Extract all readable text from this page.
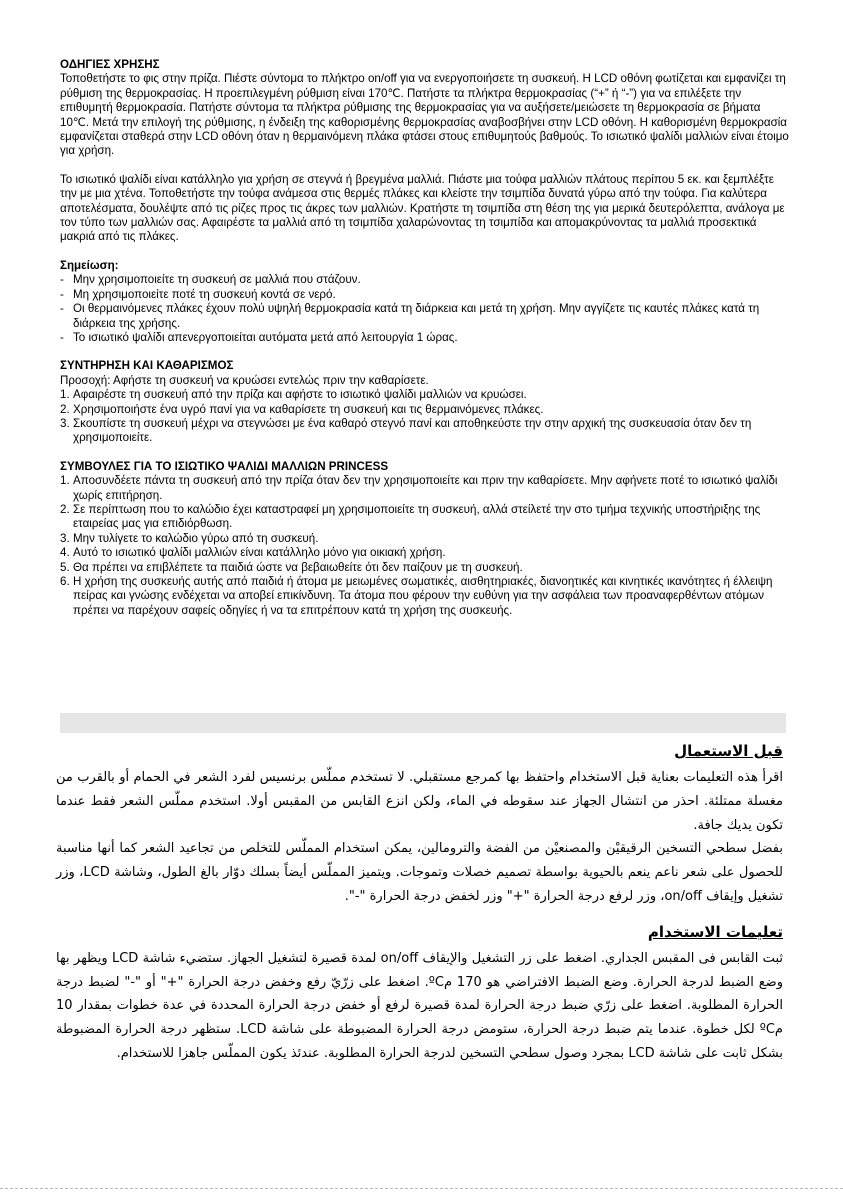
ΟΔΗΓΙΕΣ ΧΡΗΣΗΣ

Τοποθετήστε το φις στην πρίζα. Πιέστε σύντομα το πλήκτρο on/off για να ενεργοποιήσετε τη συσκευή. Η LCD οθόνη φωτίζεται και εμφανίζει τη ρύθμιση της θερμοκρασίας. Η προεπιλεγμένη ρύθμιση είναι 170℃. Πατήστε τα πλήκτρα θερμοκρασίας (“+” ή “-”) για να επιλέξετε την επιθυμητή θερμοκρασία. Πατήστε σύντομα τα πλήκτρα ρύθμισης της θερμοκρασίας για να αυξήσετε/μειώσετε τη θερμοκρασία σε βήματα 10℃. Μετά την επιλογή της ρύθμισης, η ένδειξη της καθορισμένης θερμοκρασίας αναβοσβήνει στην LCD οθόνη. Η καθορισμένη θερμοκρασία εμφανίζεται σταθερά στην LCD οθόνη όταν η θερμαινόμενη πλάκα φτάσει στους επιθυμητούς βαθμούς. Το ισιωτικό ψαλίδι μαλλιών είναι έτοιμο για χρήση.

Το ισιωτικό ψαλίδι είναι κατάλληλο για χρήση σε στεγνά ή βρεγμένα μαλλιά. Πιάστε μια τούφα μαλλιών πλάτους περίπου 5 εκ. και ξεμπλέξτε την με μια χτένα. Τοποθετήστε την τούφα ανάμεσα στις θερμές πλάκες και κλείστε την τσιμπίδα δυνατά γύρω από την τούφα. Για καλύτερα αποτελέσματα, δουλέψτε από τις ρίζες προς τις άκρες των μαλλιών. Κρατήστε τη τσιμπίδα στη θέση της για μερικά δευτερόλεπτα, ανάλογα με τον τύπο των μαλλιών σας. Αφαιρέστε τα μαλλιά από τη τσιμπίδα χαλαρώνοντας τη τσιμπίδα και απομακρύνοντας τα μαλλιά προσεκτικά μακριά από τις πλάκες.

Σημείωση:
- Μην χρησιμοποιείτε τη συσκευή σε μαλλιά που στάζουν.
- Μη χρησιμοποιείτε ποτέ τη συσκευή κοντά σε νερό.
- Οι θερμαινόμενες πλάκες έχουν πολύ υψηλή θερμοκρασία κατά τη διάρκεια και μετά τη χρήση. Μην αγγίζετε τις καυτές πλάκες κατά τη διάρκεια της χρήσης.
- Το ισιωτικό ψαλίδι απενεργοποιείται αυτόματα μετά από λειτουργία 1 ώρας.
ΣΥΝΤΗΡΗΣΗ ΚΑΙ ΚΑΘΑΡΙΣΜΟΣ

Προσοχή: Αφήστε τη συσκευή να κρυώσει εντελώς πριν την καθαρίσετε.

1. Αφαιρέστε τη συσκευή από την πρίζα και αφήστε το ισιωτικό ψαλίδι μαλλιών να κρυώσει.
2. Χρησιμοποιήστε ένα υγρό πανί για να καθαρίσετε τη συσκευή και τις θερμαινόμενες πλάκες.
3. Σκουπίστε τη συσκευή μέχρι να στεγνώσει με ένα καθαρό στεγνό πανί και αποθηκεύστε την στην αρχική της συσκευασία όταν δεν τη χρησιμοποιείτε.
ΣΥΜΒΟΥΛΕΣ ΓΙΑ ΤΟ ΙΣΙΩΤΙΚΟ ΨΑΛΙΔΙ ΜΑΛΛΙΩΝ PRINCESS
1. Αποσυνδέετε πάντα τη συσκευή από την πρίζα όταν δεν την χρησιμοποιείτε και πριν την καθαρίσετε. Μην αφήνετε ποτέ το ισιωτικό ψαλίδι χωρίς επιτήρηση.
2. Σε περίπτωση που το καλώδιο έχει καταστραφεί μη χρησιμοποιείτε τη συσκευή, αλλά στείλετέ την στο τμήμα τεχνικής υποστήριξης της εταιρείας μας για επιδιόρθωση.
3. Μην τυλίγετε το καλώδιο γύρω από τη συσκευή.
4. Αυτό το ισιωτικό ψαλίδι μαλλιών είναι κατάλληλο μόνο για οικιακή χρήση.
5. Θα πρέπει να επιβλέπετε τα παιδιά ώστε να βεβαιωθείτε ότι δεν παίζουν με τη συσκευή.
6. Η χρήση της συσκευής αυτής από παιδιά ή άτομα με μειωμένες σωματικές, αισθητηριακές, διανοητικές και κινητικές ικανότητες ή έλλειψη πείρας και γνώσης ενδέχεται να αποβεί επικίνδυνη. Τα άτομα που φέρουν την ευθύνη για την ασφάλεια των προαναφερθέντων ατόμων πρέπει να παρέχουν σαφείς οδηγίες ή να τα επιτρέπουν κατά τη χρήση της συσκευής.
قبل الاستعمال

اقرأ هذه التعليمات بعناية قبل الاستخدام واحتفظ بها كمرجع مستقبلي. لا تستخدم مملّس برنسيس لفرد الشعر في الحمام أو بالقرب من مغسلة ممتلئة. احذر من انتشال الجهاز عند سقوطه في الماء، ولكن انزع القابس من المقبس أولا. استخدم مملّس الشعر فقط عندما تكون يديك جافة.

بفضل سطحي التسخين الرقيقيْن والمصنعيْن من الفضة والترومالين، يمكن استخدام المملّس للتخلص من تجاعيد الشعر كما أنها مناسبة للحصول على شعر ناعم ينعم بالحيوية بواسطة تصميم خصلات وتموجات. ويتميز المملّس أيضاً بسلك دوّار بالغ الطول، وشاشة LCD، وزر تشغيل وإيقاف on/off، وزر لرفع درجة الحرارة "+" وزر لخفض درجة الحرارة "-".

تعليمات الاستخدام

ثبت القابس فى المقبس الجداري. اضغط على زر التشغيل والإيقاف on/off لمدة قصيرة لتشغيل الجهاز. ستضيء شاشة LCD ويظهر بها وضع الضبط لدرجة الحرارة. وضع الضبط الافتراضي هو 170 مºC. اضغط على زرّيّ رفع وخفض درجة الحرارة "+" أو "-" لضبط درجة الحرارة المطلوبة. اضغط على زرّي ضبط درجة الحرارة لمدة قصيرة لرفع أو خفض درجة الحرارة المحددة في عدة خطوات بمقدار 10 مºC لكل خطوة. عندما يتم ضبط درجة الحرارة، ستومض درجة الحرارة المضبوطة على شاشة LCD. ستظهر درجة الحرارة المضبوطة بشكل ثابت على شاشة LCD بمجرد وصول سطحي التسخين لدرجة الحرارة المطلوبة. عندئذ يكون المملّس جاهزا للاستخدام.
